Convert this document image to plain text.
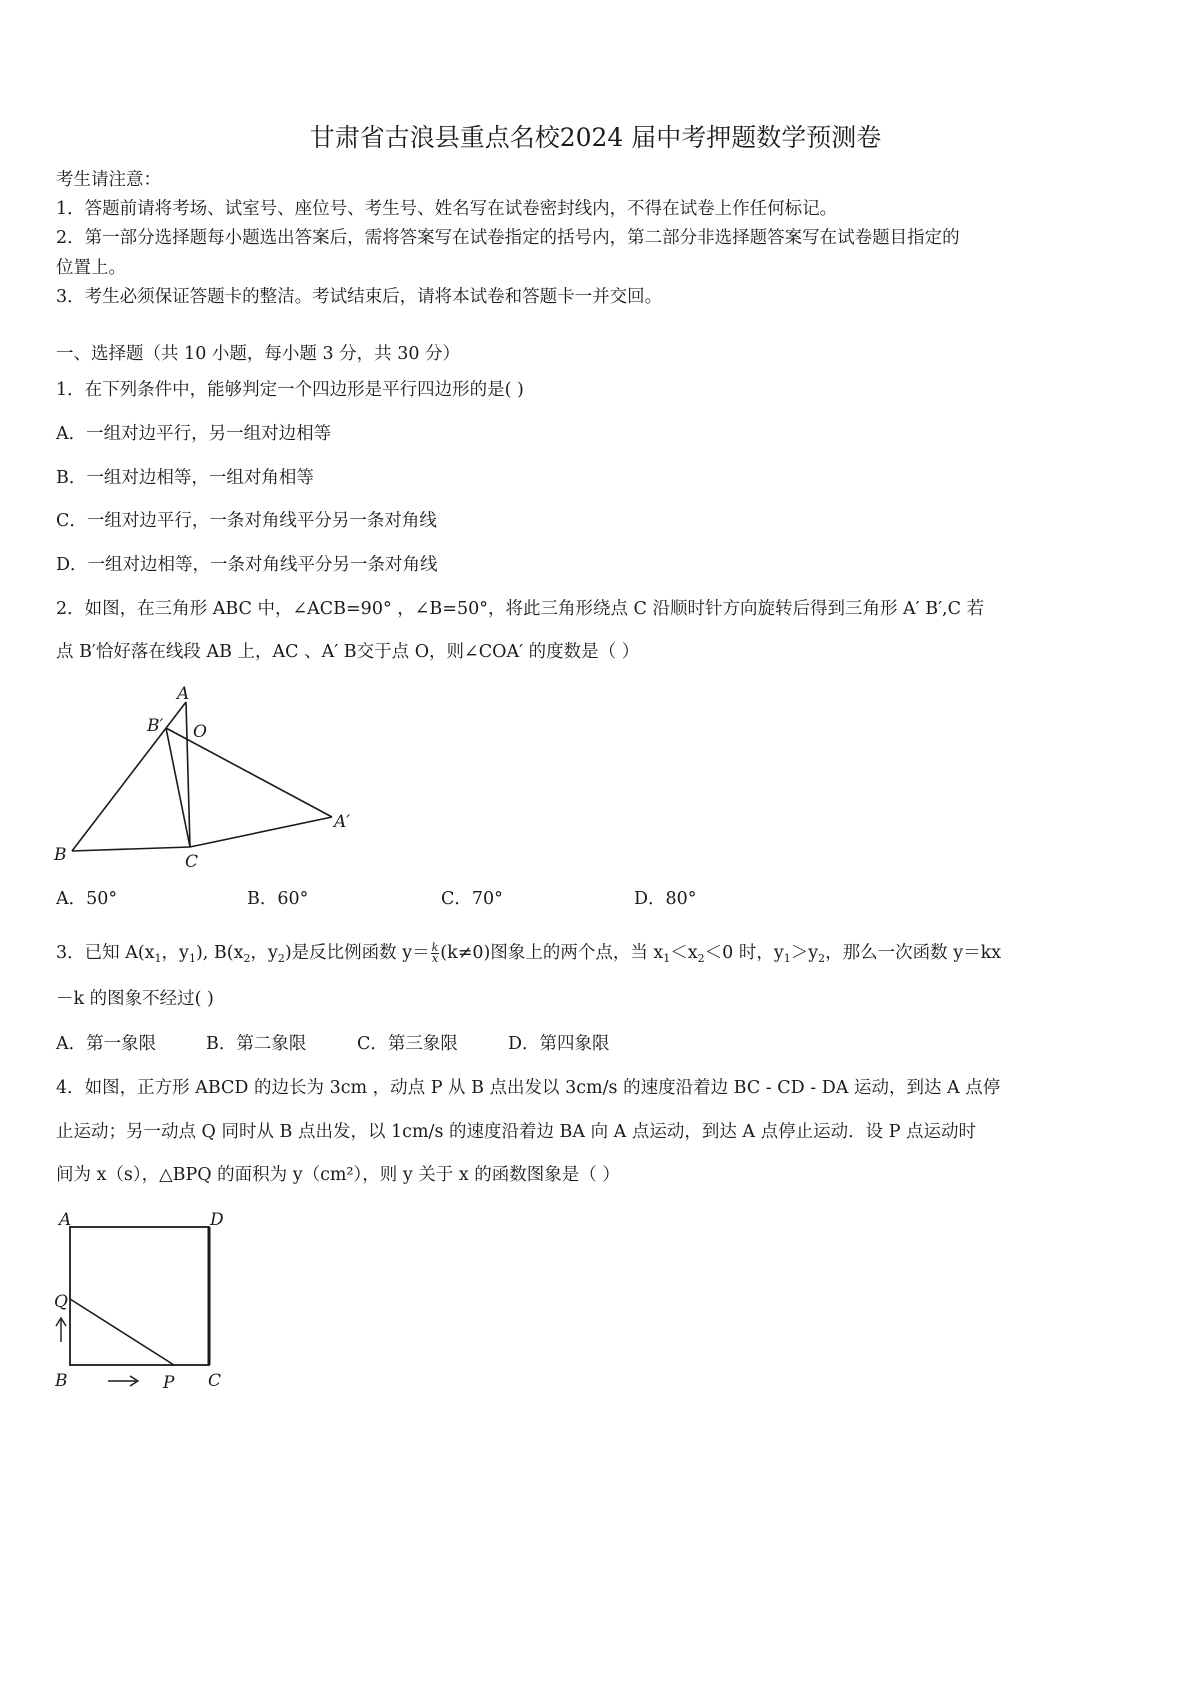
甘肃省古浪县重点名校2024 届中考押题数学预测卷
考生请注意：
1．答题前请将考场、试室号、座位号、考生号、姓名写在试卷密封线内，不得在试卷上作任何标记。
2．第一部分选择题每小题选出答案后，需将答案写在试卷指定的括号内，第二部分非选择题答案写在试卷题目指定的
位置上。
3．考生必须保证答题卡的整洁。考试结束后，请将本试卷和答题卡一并交回。
一、选择题（共 10 小题，每小题 3 分，共 30 分）
1．在下列条件中，能够判定一个四边形是平行四边形的是( )
A．一组对边平行，另一组对边相等
B．一组对边相等，一组对角相等
C．一组对边平行，一条对角线平分另一条对角线
D．一组对边相等，一条对角线平分另一条对角线
2．如图，在三角形 ABC 中，∠ACB=90° ，∠B=50°，将此三角形绕点 C 沿顺时针方向旋转后得到三角形 A′ B′,C 若
点 B′恰好落在线段 AB 上，AC 、A′ B交于点 O，则∠COA′ 的度数是（ ）
A
B′ O
A′
B	C
A．50°	B．60°	C．70°	D．80°
3．已知 $A(x_1$，$y_1$), $B(x_2$，$y_2$)是反比例函数 $y= \frac{k}{x} (k\ne 0)$图象上的两个点，当 $x_1<x_2<0$ 时，$y_1>y_2$，那么一次函数 y＝kx
－k 的图象不经过( )
A．第一象限	B．第二象限	C．第三象限	D．第四象限
4．如图，正方形 ABCD 的边长为 3cm ，动点 P 从 B 点出发以 3cm/s 的速度沿着边 BC - CD - DA 运动，到达 A 点停
止运动；另一动点 Q 同时从 B 点出发，以 1cm/s 的速度沿着边 BA 向 A 点运动，到达 A 点停止运动．设 P 点运动时
间为 x（s），△BPQ 的面积为 y（cm²），则 y 关于 x 的函数图象是（ ）
A	D
Q
B	P C
